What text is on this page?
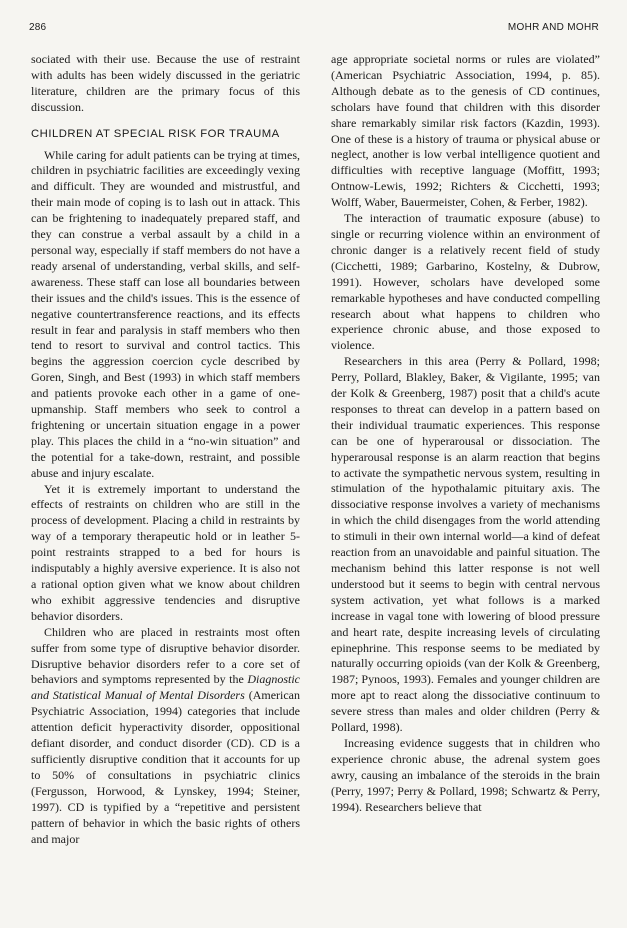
286	MOHR AND MOHR

sociated with their use. Because the use of restraint with adults has been widely discussed in the geriatric literature, children are the primary focus of this discussion.

CHILDREN AT SPECIAL RISK FOR TRAUMA

While caring for adult patients can be trying at times, children in psychiatric facilities are exceedingly vexing and difficult. They are wounded and mistrustful, and their main mode of coping is to lash out in attack. This can be frightening to inadequately prepared staff, and they can construe a verbal assault by a child in a personal way, especially if staff members do not have a ready arsenal of understanding, verbal skills, and self-awareness. These staff can lose all boundaries between their issues and the child's issues. This is the essence of negative countertransference reactions, and its effects result in fear and paralysis in staff members who then tend to resort to survival and control tactics. This begins the aggression coercion cycle described by Goren, Singh, and Best (1993) in which staff members and patients provoke each other in a game of one-upmanship. Staff members who seek to control a frightening or uncertain situation engage in a power play. This places the child in a “no-win situation” and the potential for a take-down, restraint, and possible abuse and injury escalate.

Yet it is extremely important to understand the effects of restraints on children who are still in the process of development. Placing a child in restraints by way of a temporary therapeutic hold or in leather 5-point restraints strapped to a bed for hours is indisputably a highly aversive experience. It is also not a rational option given what we know about children who exhibit aggressive tendencies and disruptive behavior disorders.

Children who are placed in restraints most often suffer from some type of disruptive behavior disorder. Disruptive behavior disorders refer to a core set of behaviors and symptoms represented by the Diagnostic and Statistical Manual of Mental Disorders (American Psychiatric Association, 1994) categories that include attention deficit hyperactivity disorder, oppositional defiant disorder, and conduct disorder (CD). CD is a sufficiently disruptive condition that it accounts for up to 50% of consultations in psychiatric clinics (Fergusson, Horwood, & Lynskey, 1994; Steiner, 1997). CD is typified by a “repetitive and persistent pattern of behavior in which the basic rights of others and major

age appropriate societal norms or rules are violated” (American Psychiatric Association, 1994, p. 85). Although debate as to the genesis of CD continues, scholars have found that children with this disorder share remarkably similar risk factors (Kazdin, 1993). One of these is a history of trauma or physical abuse or neglect, another is low verbal intelligence quotient and difficulties with receptive language (Moffitt, 1993; Ontnow-Lewis, 1992; Richters & Cicchetti, 1993; Wolff, Waber, Bauermeister, Cohen, & Ferber, 1982).

The interaction of traumatic exposure (abuse) to single or recurring violence within an environment of chronic danger is a relatively recent field of study (Cicchetti, 1989; Garbarino, Kostelny, & Dubrow, 1991). However, scholars have developed some remarkable hypotheses and have conducted compelling research about what happens to children who experience chronic abuse, and those exposed to violence.

Researchers in this area (Perry & Pollard, 1998; Perry, Pollard, Blakley, Baker, & Vigilante, 1995; van der Kolk & Greenberg, 1987) posit that a child's acute responses to threat can develop in a pattern based on their individual traumatic experiences. This response can be one of hyperarousal or dissociation. The hyperarousal response is an alarm reaction that begins to activate the sympathetic nervous system, resulting in stimulation of the hypothalamic pituitary axis. The dissociative response involves a variety of mechanisms in which the child disengages from the world attending to stimuli in their own internal world—a kind of defeat reaction from an unavoidable and painful situation. The mechanism behind this latter response is not well understood but it seems to begin with central nervous system activation, yet what follows is a marked increase in vagal tone with lowering of blood pressure and heart rate, despite increasing levels of circulating epinephrine. This response seems to be mediated by naturally occurring opioids (van der Kolk & Greenberg, 1987; Pynoos, 1993). Females and younger children are more apt to react along the dissociative continuum to severe stress than males and older children (Perry & Pollard, 1998).

Increasing evidence suggests that in children who experience chronic abuse, the adrenal system goes awry, causing an imbalance of the steroids in the brain (Perry, 1997; Perry & Pollard, 1998; Schwartz & Perry, 1994). Researchers believe that
